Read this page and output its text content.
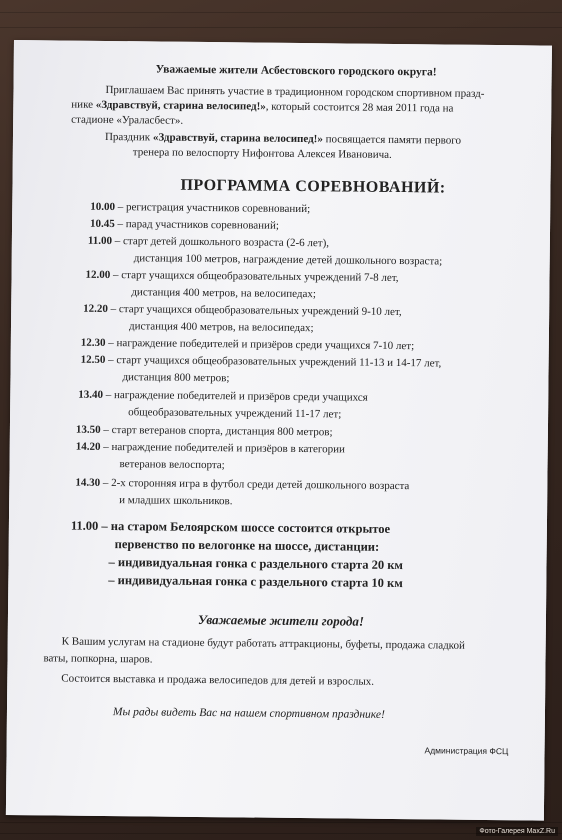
Уважаемые жители Асбестовского городского округа!
Приглашаем Вас принять участие в традиционном городском спортивном празд-
нике «Здравствуй, старина велосипед!», который состоится 28 мая 2011 года на
стадионе «Ураласбест».
Праздник «Здравствуй, старина велосипед!» посвящается памяти первого
тренера по велоспорту Нифонтова Алексея Ивановича.
ПРОГРАММА СОРЕВНОВАНИЙ:
10.00 – регистрация участников соревнований;
10.45 – парад участников соревнований;
11.00 – старт детей дошкольного возраста (2-6 лет),
дистанция 100 метров, награждение детей дошкольного возраста;
12.00 – старт учащихся общеобразовательных учреждений 7-8 лет,
дистанция 400 метров, на велосипедах;
12.20 – старт учащихся общеобразовательных учреждений 9-10 лет,
дистанция 400 метров, на велосипедах;
12.30 – награждение победителей и призёров среди учащихся 7-10 лет;
12.50 – старт учащихся общеобразовательных учреждений 11-13 и 14-17 лет,
дистанция 800 метров;
13.40 – награждение победителей и призёров среди учащихся
общеобразовательных учреждений 11-17 лет;
13.50 – старт ветеранов спорта, дистанция 800 метров;
14.20 – награждение победителей и призёров в категории
ветеранов велоспорта;
14.30 – 2-х сторонняя игра в футбол среди детей дошкольного возраста
и младших школьников.
11.00 – на старом Белоярском шоссе состоится открытое
первенство по велогонке на шоссе, дистанции:
– индивидуальная гонка с раздельного старта 20 км
– индивидуальная гонка с раздельного старта 10 км
Уважаемые жители города!
К Вашим услугам на стадионе будут работать аттракционы, буфеты, продажа сладкой
ваты, попкорна, шаров.
Состоится выставка и продажа велосипедов для детей и взрослых.
Мы рады видеть Вас на нашем спортивном празднике!
Администрация ФСЦ
Фото-Галерея MaxZ.Ru
